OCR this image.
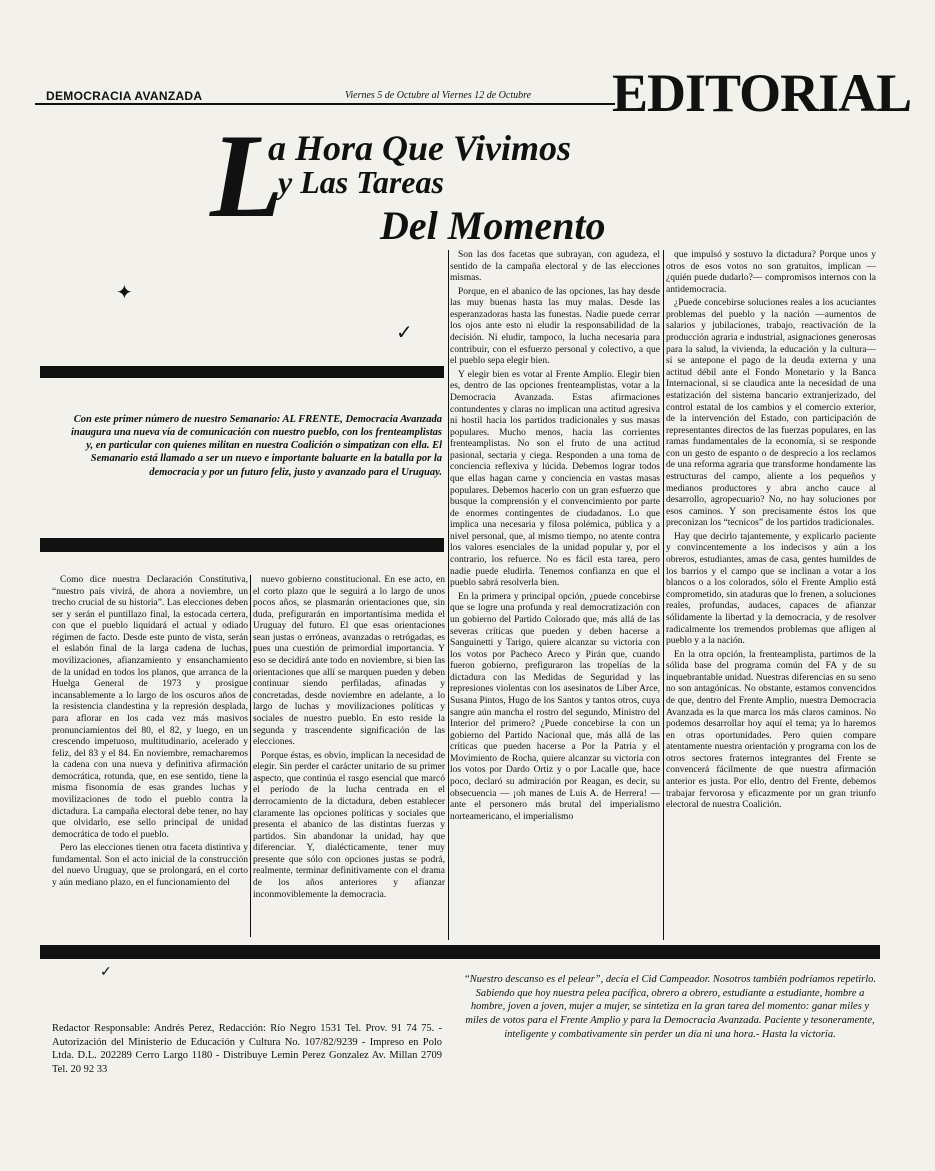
DEMOCRACIA AVANZADA	Viernes 5 de Octubre al Viernes 12 de Octubre EDITORIAL
L
a Hora Que Vivimos
y Las Tareas
Del Momento
✦
✓
Con este primer número de nuestro Semanario: AL FRENTE, Democracia Avanzada inaugura una nueva vía de comunicación con nuestro pueblo, con los frenteamplistas y, en particular con quienes militan en nuestra Coalición o simpatizan con ella. El Semanario está llamado a ser un nuevo e importante baluarte en la batalla por la democracia y por un futuro feliz, justo y avanzado para el Uruguay.

Como dice nuestra Declaración Constitutiva, “nuestro país vivirá, de ahora a noviembre, un trecho crucial de su historia”. Las elecciones deben ser y serán el puntillazo final, la estocada certera, con que el pueblo liquidará el actual y odiado régimen de facto. Desde este punto de vista, serán el eslabón final de la larga cadena de luchas, movilizaciones, afianzamiento y ensanchamiento de la unidad en todos los planos, que arranca de la Huelga General de 1973 y prosigue incansablemente a lo largo de los oscuros años de la resistencia clandestina y la represión desplada, para aflorar en los cada vez más masivos pronunciamientos del 80, el 82, y luego, en un crescendo impetuoso, multitudinario, acelerado y feliz, del 83 y el 84. En noviembre, remacharemos la cadena con una nueva y definitiva afirmación democrática, rotunda, que, en ese sentido, tiene la misma fisonomía de esas grandes luchas y movilizaciones de todo el pueblo contra la dictadura. La campaña electoral debe tener, no hay que olvidarlo, ese sello principal de unidad democrática de todo el pueblo.

Pero las elecciones tienen otra faceta distintiva y fundamental. Son el acto inicial de la construcción del nuevo Uruguay, que se prolongará, en el corto y aún mediano plazo, en el funcionamiento del

nuevo gobierno constitucional. En ese acto, en el corto plazo que le seguirá a lo largo de unos pocos años, se plasmarán orientaciones que, sin duda, prefigurarán en importantísima medida el Uruguay del futuro. El que esas orientaciones sean justas o erróneas, avanzadas o retrógadas, es pues una cuestión de primordial importancia. Y eso se decidirá ante todo en noviembre, si bien las orientaciones que allí se marquen pueden y deben continuar siendo perfiladas, afinadas y concretadas, desde noviembre en adelante, a lo largo de luchas y movilizaciones políticas y sociales de nuestro pueblo. En esto reside la segunda y trascendente significación de las elecciones.

Porque éstas, es obvio, implican la necesidad de elegir. Sin perder el carácter unitario de su primer aspecto, que continúa el rasgo esencial que marcó el período de la lucha centrada en el derrocamiento de la dictadura, deben establecer claramente las opciones políticas y sociales que presenta el abanico de las distintas fuerzas y partidos. Sin abandonar la unidad, hay que diferenciar. Y, dialécticamente, tener muy presente que sólo con opciones justas se podrá, realmente, terminar definitivamente con el drama de los años anteriores y afianzar inconmoviblemente la democracia.

Son las dos facetas que subrayan, con agudeza, el sentido de la campaña electoral y de las elecciones mismas.

Porque, en el abanico de las opciones, las hay desde las muy buenas hasta las muy malas. Desde las esperanzadoras hasta las funestas. Nadie puede cerrar los ojos ante esto ni eludir la responsabilidad de la decisión. Ni eludir, tampoco, la lucha necesaria para contribuir, con el esfuerzo personal y colectivo, a que el pueblo sepa elegir bien.

Y elegir bien es votar al Frente Amplio. Elegir bien es, dentro de las opciones frenteamplistas, votar a la Democracia Avanzada. Estas afirmaciones contundentes y claras no implican una actitud agresiva ni hostil hacia los partidos tradicionales y sus masas populares. Mucho menos, hacia las corrientes frenteamplistas. No son el fruto de una actitud pasional, sectaria y ciega. Responden a una toma de conciencia reflexiva y lúcida. Debemos lograr todos que ellas hagan carne y conciencia en vastas masas populares. Debemos hacerlo con un gran esfuerzo que busque la comprensión y el convencimiento por parte de enormes contingentes de ciudadanos. Lo que implica una necesaria y filosa polémica, pública y a nivel personal, que, al mismo tiempo, no atente contra los valores esenciales de la unidad popular y, por el contrario, los refuerce. No es fácil esta tarea, pero nadie puede eludirla. Tenemos confianza en que el pueblo sabrá resolverla bien.

En la primera y principal opción, ¿puede concebirse que se logre una profunda y real democratización con un gobierno del Partido Colorado que, más allá de las severas críticas que pueden y deben hacerse a Sanguinetti y Tarigo, quiere alcanzar su victoria con los votos por Pacheco Areco y Pirán que, cuando fueron gobierno, prefiguraron las tropelías de la dictadura con las Medidas de Seguridad y las represiones violentas con los asesinatos de Líber Arce, Susana Pintos, Hugo de los Santos y tantos otros, cuya sangre aún mancha el rostro del segundo, Ministro del Interior del primero? ¿Puede concebirse la con un gobierno del Partido Nacional que, más allá de las críticas que pueden hacerse a Por la Patria y el Movimiento de Rocha, quiere alcanzar su victoria con los votos por Dardo Ortiz y o por Lacalle que, hace poco, declaró su admiración por Reagan, es decir, su obsecuencia — ¡oh manes de Luis A. de Herrera! — ante el personero más brutal del imperialismo norteamericano, el imperialismo

que impulsó y sostuvo la dictadura? Porque unos y otros de esos votos no son gratuitos, implican —¿quién puede dudarlo?— compromisos internos con la antidemocracia.

¿Puede concebirse soluciones reales a los acuciantes problemas del pueblo y la nación —aumentos de salarios y jubilaciones, trabajo, reactivación de la producción agraria e industrial, asignaciones generosas para la salud, la vivienda, la educación y la cultura— si se antepone el pago de la deuda externa y una actitud débil ante el Fondo Monetario y la Banca Internacional, si se claudica ante la necesidad de una estatización del sistema bancario extranjerizado, del control estatal de los cambios y el comercio exterior, de la intervención del Estado, con participación de representantes directos de las fuerzas populares, en las ramas fundamentales de la economía, si se responde con un gesto de espanto o de desprecio a los reclamos de una reforma agraria que transforme hondamente las estructuras del campo, aliente a los pequeños y medianos productores y abra ancho cauce al desarrollo, agropecuario? No, no hay soluciones por esos caminos. Y son precisamente éstos los que preconizan los “tecnicos” de los partidos tradicionales.

Hay que decirlo tajantemente, y explicarlo paciente y convincentemente a los indecisos y aún a los obreros, estudiantes, amas de casa, gentes humildes de los barrios y el campo que se inclinan a votar a los blancos o a los colorados, sólo el Frente Amplio está comprometido, sin ataduras que lo frenen, a soluciones reales, profundas, audaces, capaces de afianzar sólidamente la libertad y la democracia, y de resolver radicalmente los tremendos problemas que afligen al pueblo y a la nación.

En la otra opción, la frenteamplista, partimos de la sólida base del programa común del FA y de su inquebrantable unidad. Nuestras diferencias en su seno no son antagónicas. No obstante, estamos convencidos de que, dentro del Frente Amplio, nuestra Democracia Avanzada es la que marca los más claros caminos. No podemos desarrollar hoy aquí el tema; ya lo haremos en otras oportunidades. Pero quien compare atentamente nuestra orientación y programa con los de otros sectores fraternos integrantes del Frente se convencerá fácilmente de que nuestra afirmación anterior es justa. Por ello, dentro del Frente, debemos trabajar fervorosa y eficazmente por un gran triunfo electoral de nuestra Coalición.

✓
Redactor Responsable: Andrés Perez, Redacción: Río Negro 1531 Tel. Prov. 91 74 75. - Autorización del Ministerio de Educación y Cultura No. 107/82/9239 - Impreso en Polo Ltda. D.L. 202289 Cerro Largo 1180 - Distribuye Lemin Perez Gonzalez Av. Millan 2709 Tel. 20 92 33
“Nuestro descanso es el pelear”, decía el Cid Campeador. Nosotros también podríamos repetirlo. Sabiendo que hoy nuestra pelea pacífica, obrero a obrero, estudiante a estudiante, hombre a hombre, joven a joven, mujer a mujer, se sintetiza en la gran tarea del momento: ganar miles y miles de votos para el Frente Amplio y para la Democracia Avanzada. Paciente y tesoneramente, inteligente y combativamente sin perder un día ni una hora.- Hasta la victoria.
